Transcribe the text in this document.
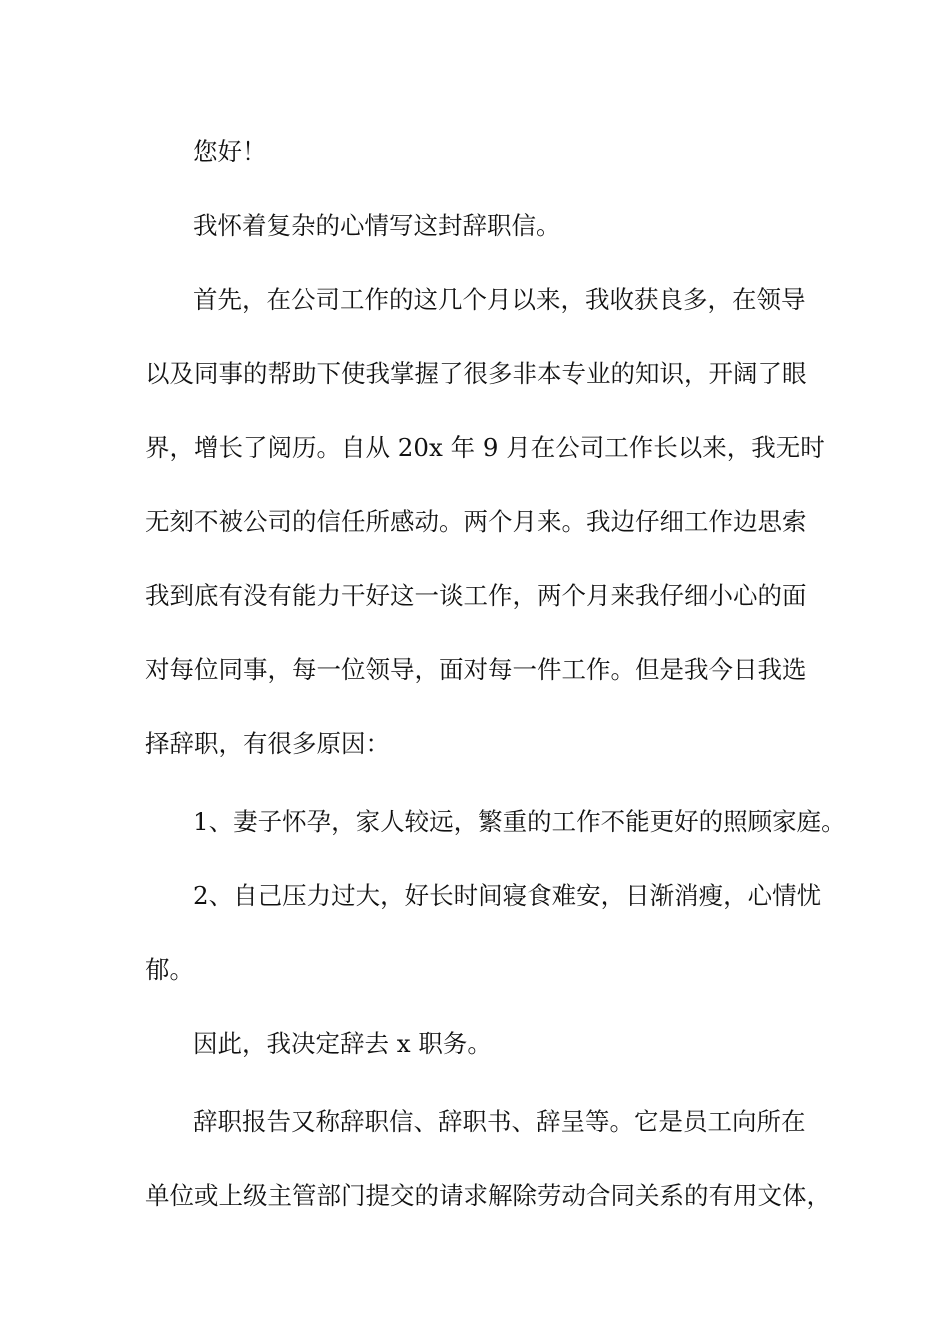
您好！
我怀着复杂的心情写这封辞职信。
首先，在公司工作的这几个月以来，我收获良多，在领导
以及同事的帮助下使我掌握了很多非本专业的知识，开阔了眼
界，增长了阅历。自从 20x 年 9 月在公司工作长以来，我无时
无刻不被公司的信任所感动。两个月来。我边仔细工作边思索
我到底有没有能力干好这一谈工作，两个月来我仔细小心的面
对每位同事，每一位领导，面对每一件工作。但是我今日我选
择辞职，有很多原因：
1、妻子怀孕，家人较远，繁重的工作不能更好的照顾家庭。
2、自己压力过大，好长时间寝食难安，日渐消瘦，心情忧
郁。
因此，我决定辞去 x 职务。
辞职报告又称辞职信、辞职书、辞呈等。它是员工向所在
单位或上级主管部门提交的请求解除劳动合同关系的有用文体，
